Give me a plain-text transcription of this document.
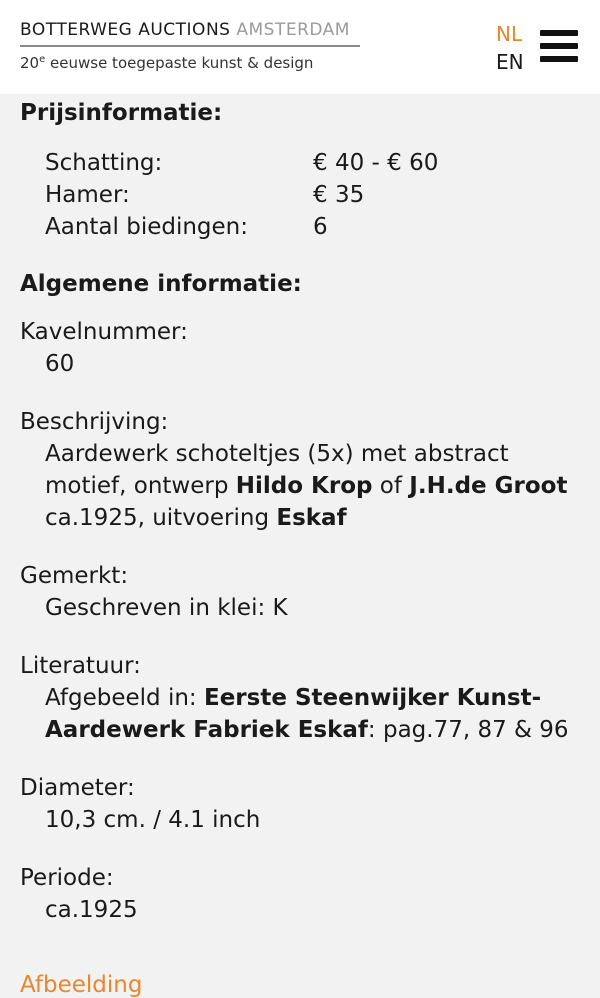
BOTTERWEG AUCTIONS AMSTERDAM
20e eeuwse toegepaste kunst & design
NL
EN
Prijsinformatie:
Schatting:	€ 40 - € 60
Hamer:	€ 35
Aantal biedingen:	6
Algemene informatie:
Kavelnummer:
60
Beschrijving:
Aardewerk schoteltjes (5x) met abstract
motief, ontwerp Hildo Krop of J.H.de Groot
ca.1925, uitvoering Eskaf
Gemerkt:
Geschreven in klei: K
Literatuur:
Afgebeeld in: Eerste Steenwijker Kunst-
Aardewerk Fabriek Eskaf: pag.77, 87 & 96
Diameter:
10,3 cm. / 4.1 inch
Periode:
ca.1925
Afbeelding
